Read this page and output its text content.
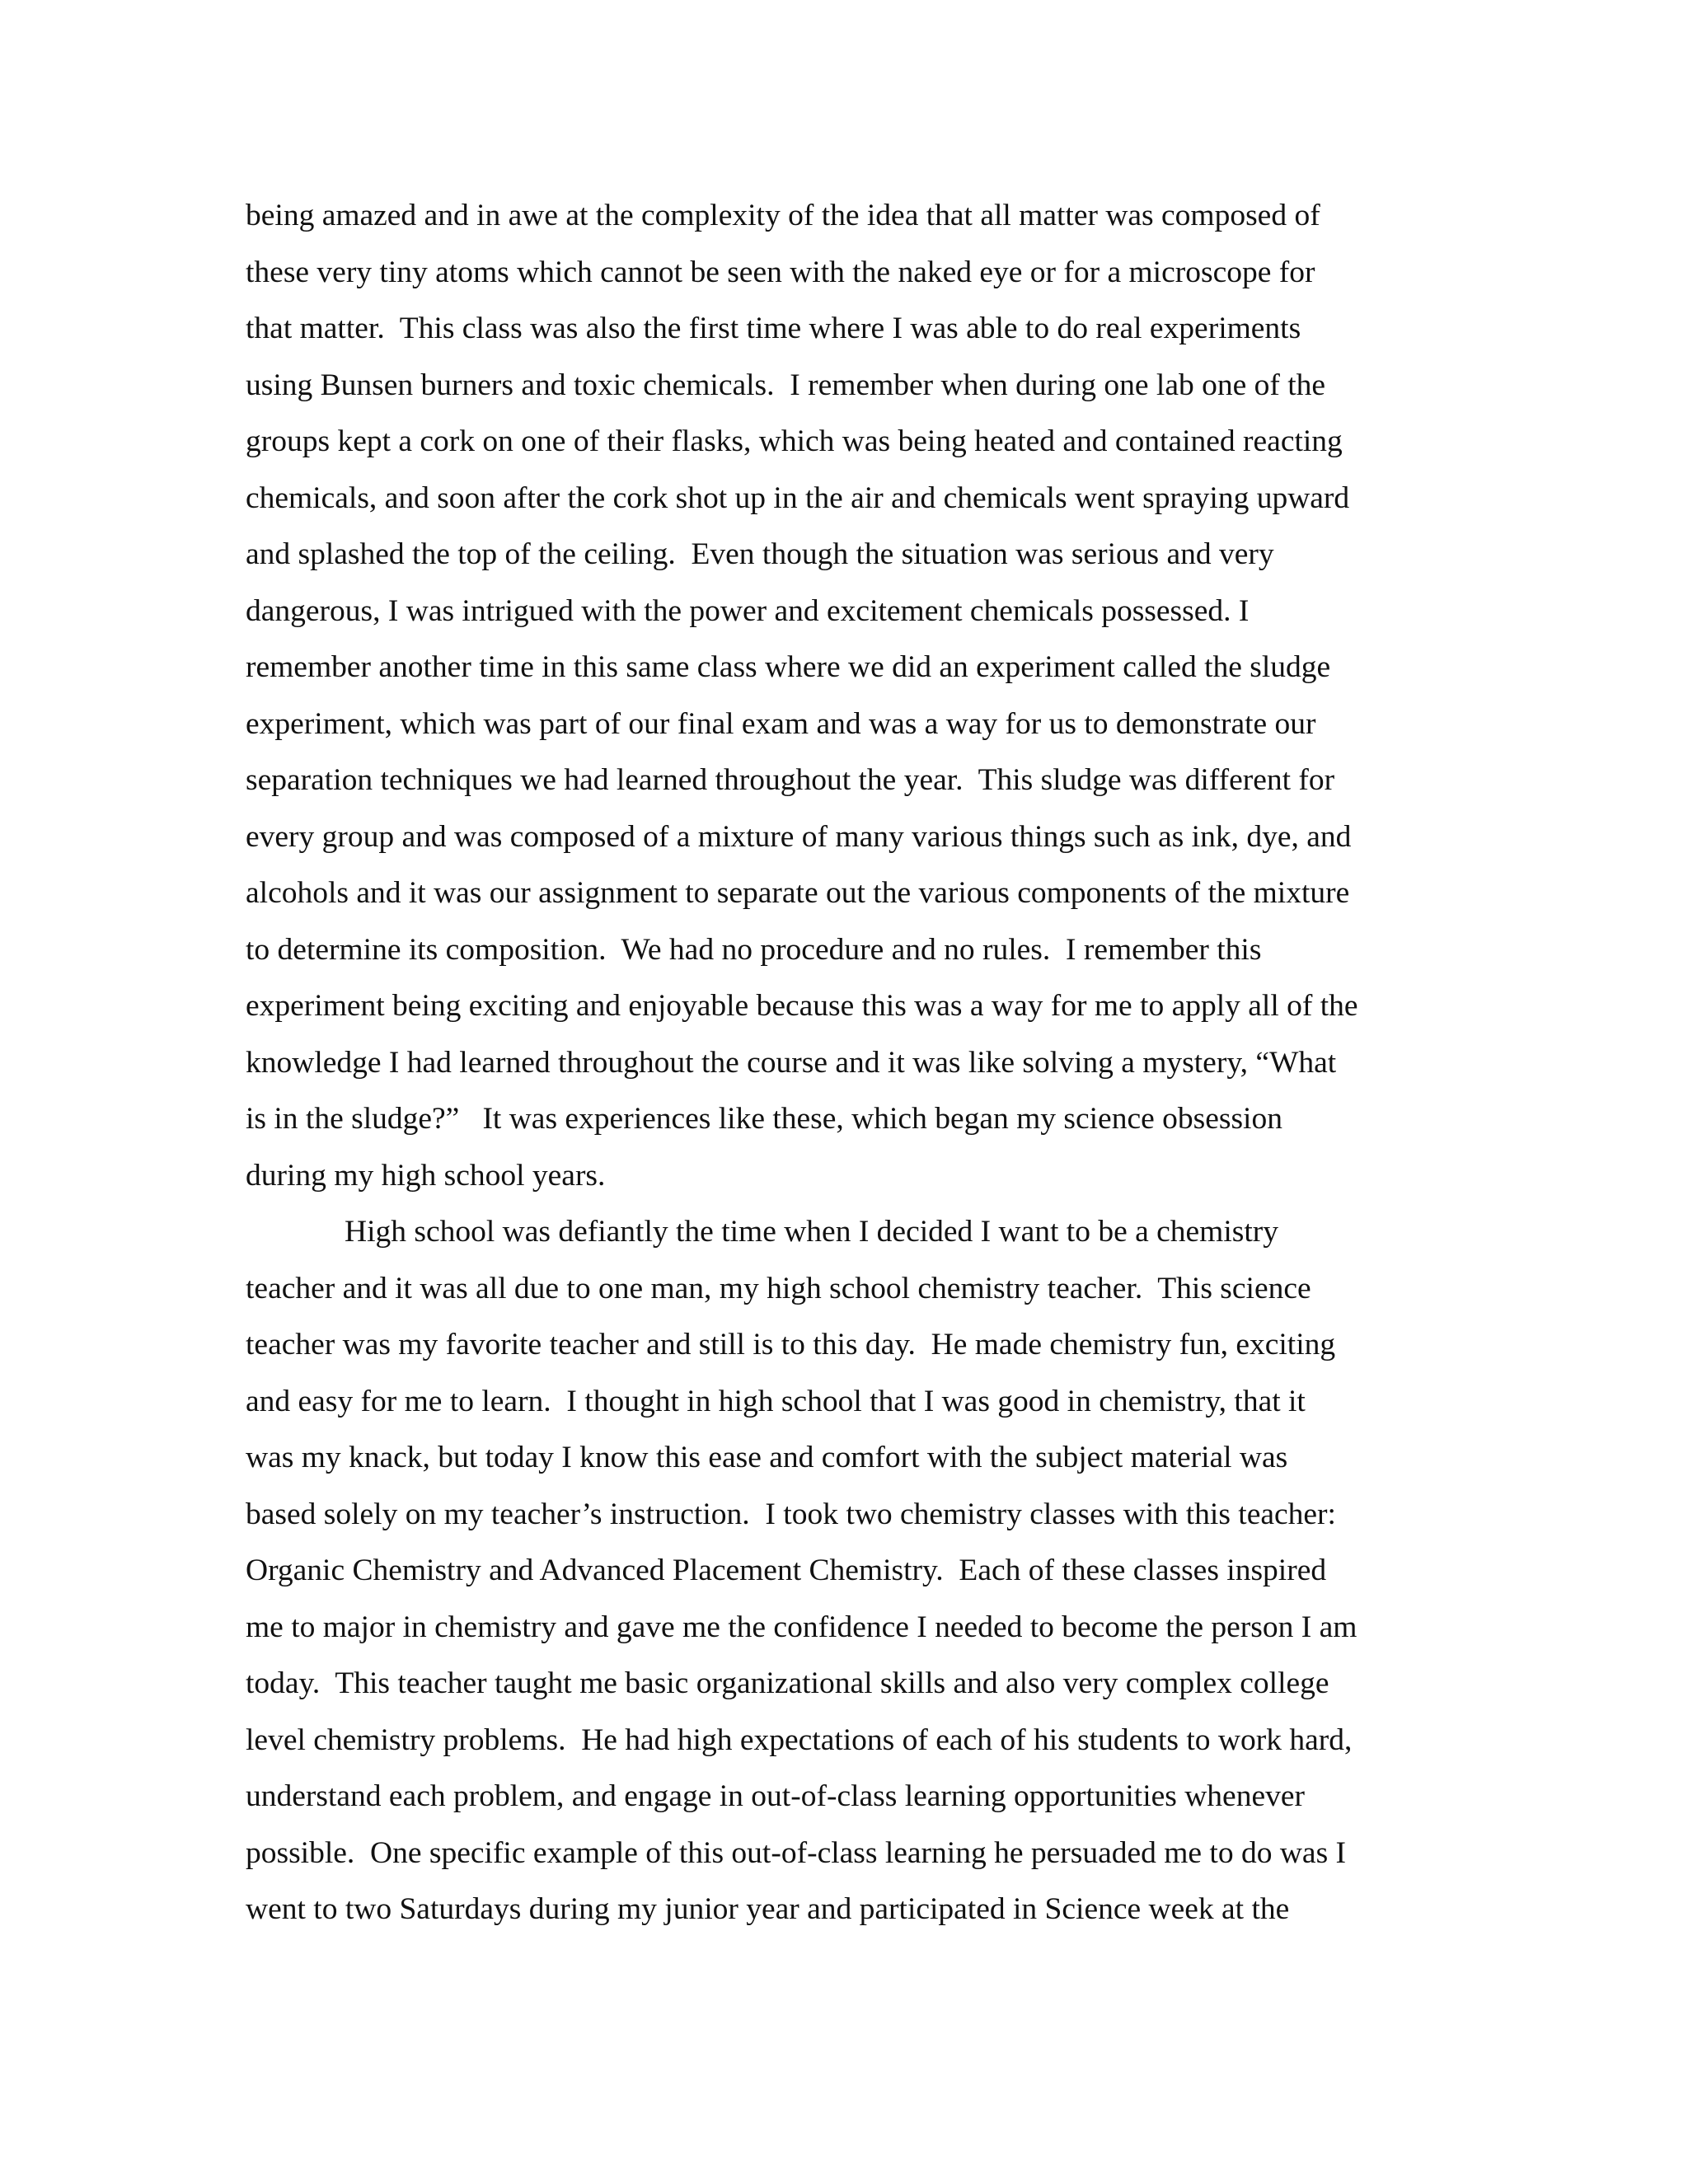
being amazed and in awe at the complexity of the idea that all matter was composed of
these very tiny atoms which cannot be seen with the naked eye or for a microscope for
that matter.  This class was also the first time where I was able to do real experiments
using Bunsen burners and toxic chemicals.  I remember when during one lab one of the
groups kept a cork on one of their flasks, which was being heated and contained reacting
chemicals, and soon after the cork shot up in the air and chemicals went spraying upward
and splashed the top of the ceiling.  Even though the situation was serious and very
dangerous, I was intrigued with the power and excitement chemicals possessed. I
remember another time in this same class where we did an experiment called the sludge
experiment, which was part of our final exam and was a way for us to demonstrate our
separation techniques we had learned throughout the year.  This sludge was different for
every group and was composed of a mixture of many various things such as ink, dye, and
alcohols and it was our assignment to separate out the various components of the mixture
to determine its composition.  We had no procedure and no rules.  I remember this
experiment being exciting and enjoyable because this was a way for me to apply all of the
knowledge I had learned throughout the course and it was like solving a mystery, “What
is in the sludge?”   It was experiences like these, which began my science obsession
during my high school years.
High school was defiantly the time when I decided I want to be a chemistry
teacher and it was all due to one man, my high school chemistry teacher.  This science
teacher was my favorite teacher and still is to this day.  He made chemistry fun, exciting
and easy for me to learn.  I thought in high school that I was good in chemistry, that it
was my knack, but today I know this ease and comfort with the subject material was
based solely on my teacher’s instruction.  I took two chemistry classes with this teacher:
Organic Chemistry and Advanced Placement Chemistry.  Each of these classes inspired
me to major in chemistry and gave me the confidence I needed to become the person I am
today.  This teacher taught me basic organizational skills and also very complex college
level chemistry problems.  He had high expectations of each of his students to work hard,
understand each problem, and engage in out-of-class learning opportunities whenever
possible.  One specific example of this out-of-class learning he persuaded me to do was I
went to two Saturdays during my junior year and participated in Science week at the
